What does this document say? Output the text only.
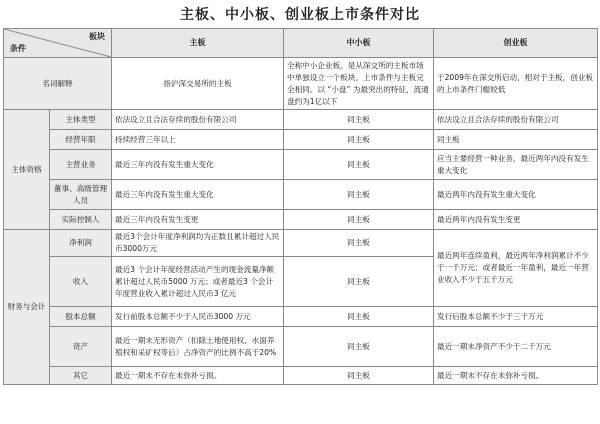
主板、中小板、创业板上市条件对比
板块
条件		主板	中小板	创业板
名词解释		指沪深交易所的主板	全称中小企业板。是从深交所的主板市场中单独设立一个板块。上市条件与主板完全相同。以 “小盘” 为最突出的特征，流通盘约为1亿以下	于2009年在深交所启动，相对于主板，创业板的上市条件门槛较低
主体资格	主体类型	依法设立且合法存续的股份有限公司	同主板	依法设立且合法存续的股份有限公司
	经营年限	持续经营三年以上	同主板	同主板
	主营业务	最近三年内没有发生重大变化	同主板	应当主要经营一种业务，最近两年内没有发生重大变化
	董事、高级管理人员	最近三年内没有发生重大变化	同主板	最近两年内没有发生重大变化
	实际控制人	最近三年内没有发生变更	同主板	最近两年内没有发生变更
财务与会计	净利润	最近3个会计年度净利润均为正数且累计超过人民币3000万元	同主板	最近两年连续盈利，最近两年净利润累计不少于一千万元；或者最近一年盈利，最近一年营业收入不少于五千万元
	收入	最近3 个会计年度经营活动产生的现金流量净额累计超过人民币5000 万元；或者最近3 个会计年度营业收入累计超过人民币3 亿元	同主板	
	股本总额	发行前股本总额不少于人民币3000 万元	同主板	发行后股本总额不少于三千万元
	资产	最近一期末无形资产（扣除土地使用权、水面养殖权和采矿权等后）占净资产的比例不高于20%	同主板	最近一期末净资产不少于二千万元
	其它	最近一期末不存在未弥补亏损。	同主板	最近一期末不存在未弥补亏损。
